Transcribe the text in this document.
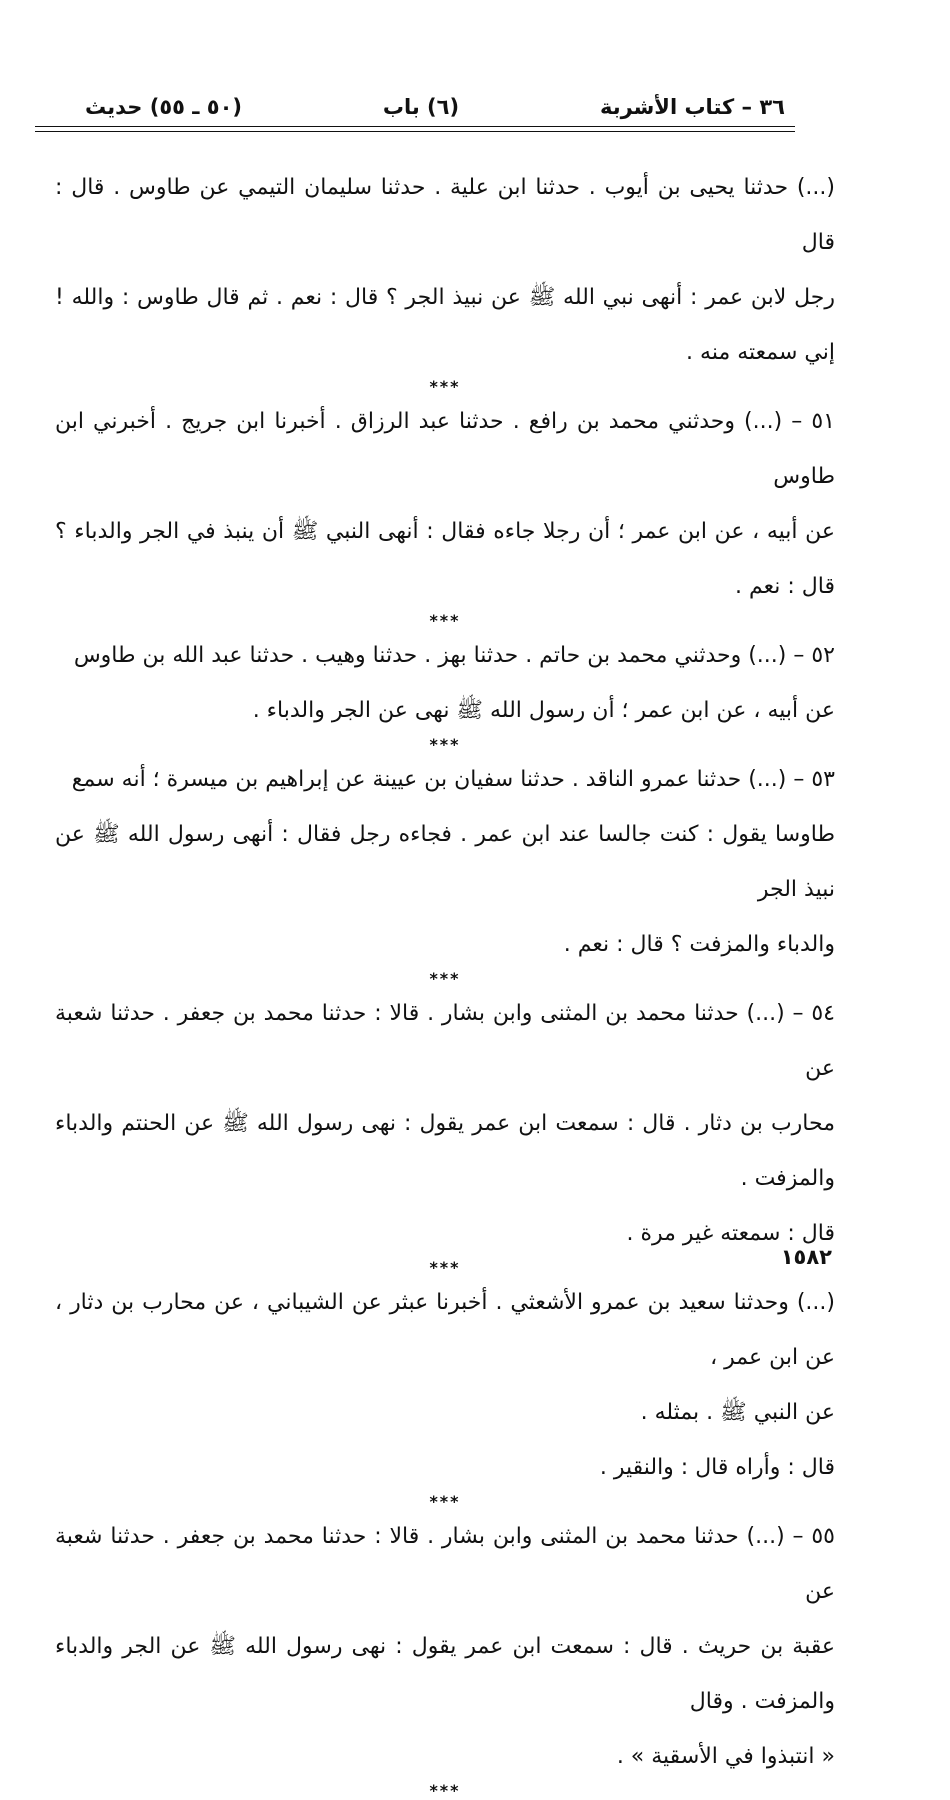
٣٦ – كتاب الأشربة
(٦) باب
(٥٠ ـ ٥٥) حديث

(...) حدثنا يحيى بن أيوب . حدثنا ابن علية . حدثنا سليمان التيمي عن طاوس . قال : قال

رجل لابن عمر : أنهى نبي الله ﷺ عن نبيذ الجر ؟ قال : نعم . ثم قال طاوس : والله ! إني سمعته منه .

***

٥١ – (...) وحدثني محمد بن رافع . حدثنا عبد الرزاق . أخبرنا ابن جريج . أخبرني ابن طاوس

عن أبيه ، عن ابن عمر ؛ أن رجلا جاءه فقال : أنهى النبي ﷺ أن ينبذ في الجر والدباء ؟ قال : نعم .

***

٥٢ – (...) وحدثني محمد بن حاتم . حدثنا بهز . حدثنا وهيب . حدثنا عبد الله بن طاوس

عن أبيه ، عن ابن عمر ؛ أن رسول الله ﷺ نهى عن الجر والدباء .

***

٥٣ – (...) حدثنا عمرو الناقد . حدثنا سفيان بن عيينة عن إبراهيم بن ميسرة ؛ أنه سمع

طاوسا يقول : كنت جالسا عند ابن عمر . فجاءه رجل فقال : أنهى رسول الله ﷺ عن نبيذ الجر

والدباء والمزفت ؟ قال : نعم .

***

٥٤ – (...) حدثنا محمد بن المثنى وابن بشار . قالا : حدثنا محمد بن جعفر . حدثنا شعبة عن

محارب بن دثار . قال : سمعت ابن عمر يقول : نهى رسول الله ﷺ عن الحنتم والدباء والمزفت .

قال : سمعته غير مرة .

***

(...) وحدثنا سعيد بن عمرو الأشعثي . أخبرنا عبثر عن الشيباني ، عن محارب بن دثار ، عن ابن عمر ،

عن النبي ﷺ . بمثله .

قال : وأراه قال : والنقير .

***

٥٥ – (...) حدثنا محمد بن المثنى وابن بشار . قالا : حدثنا محمد بن جعفر . حدثنا شعبة عن

عقبة بن حريث . قال : سمعت ابن عمر يقول : نهى رسول الله ﷺ عن الجر والدباء والمزفت . وقال

« انتبذوا في الأسقية » .

***
١٥٨٢
